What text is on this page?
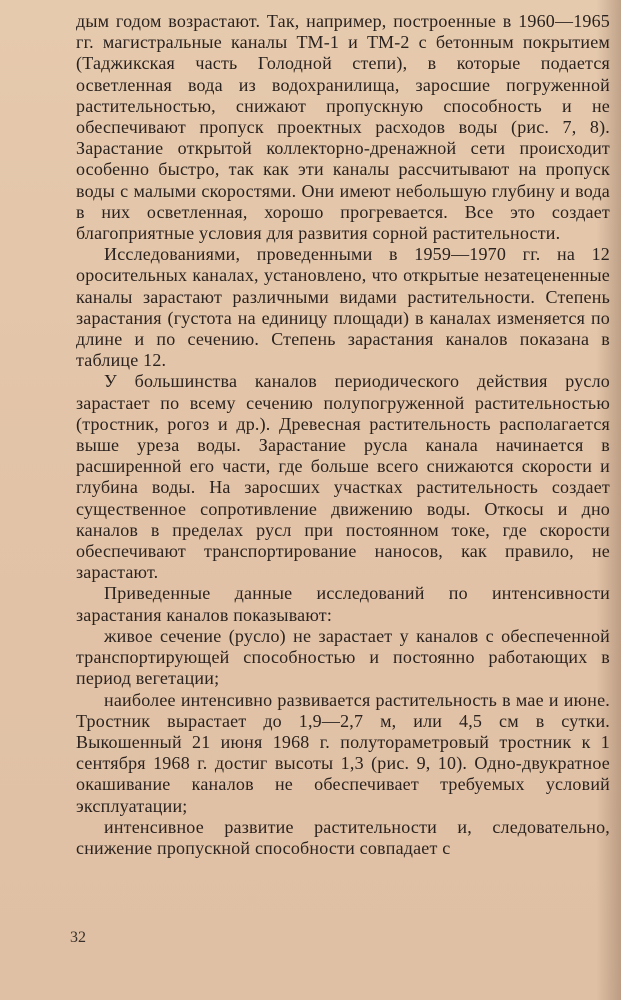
дым годом возрастают. Так, например, построенные в 1960—1965 гг. магистральные каналы ТМ-1 и ТМ-2 с бетонным покрытием (Таджикская часть Голодной степи), в которые подается осветленная вода из водохранилища, заросшие погруженной растительностью, снижают пропускную способность и не обеспечивают пропуск проектных расходов воды (рис. 7, 8). Зарастание открытой коллекторно-дренажной сети происходит особенно быстро, так как эти каналы рассчитывают на пропуск воды с малыми скоростями. Они имеют небольшую глубину и вода в них осветленная, хорошо прогревается. Все это создает благоприятные условия для развития сорной растительности.

Исследованиями, проведенными в 1959—1970 гг. на 12 оросительных каналах, установлено, что открытые незатецененные каналы зарастают различными видами растительности. Степень зарастания (густота на единицу площади) в каналах изменяется по длине и по сечению. Степень зарастания каналов показана в таблице 12.

У большинства каналов периодического действия русло зарастает по всему сечению полупогруженной растительностью (тростник, рогоз и др.). Древесная растительность располагается выше уреза воды. Зарастание русла канала начинается в расширенной его части, где больше всего снижаются скорости и глубина воды. На заросших участках растительность создает существенное сопротивление движению воды. Откосы и дно каналов в пределах русл при постоянном токе, где скорости обеспечивают транспортирование наносов, как правило, не зарастают.

Приведенные данные исследований по интенсивности зарастания каналов показывают:

живое сечение (русло) не зарастает у каналов с обеспеченной транспортирующей способностью и постоянно работающих в период вегетации;

наиболее интенсивно развивается растительность в мае и июне. Тростник вырастает до 1,9—2,7 м, или 4,5 см в сутки. Выкошенный 21 июня 1968 г. полутораметровый тростник к 1 сентября 1968 г. достиг высоты 1,3 (рис. 9, 10). Одно-двукратное окашивание каналов не обеспечивает требуемых условий эксплуатации;

интенсивное развитие растительности и, следовательно, снижение пропускной способности совпадает с

32
